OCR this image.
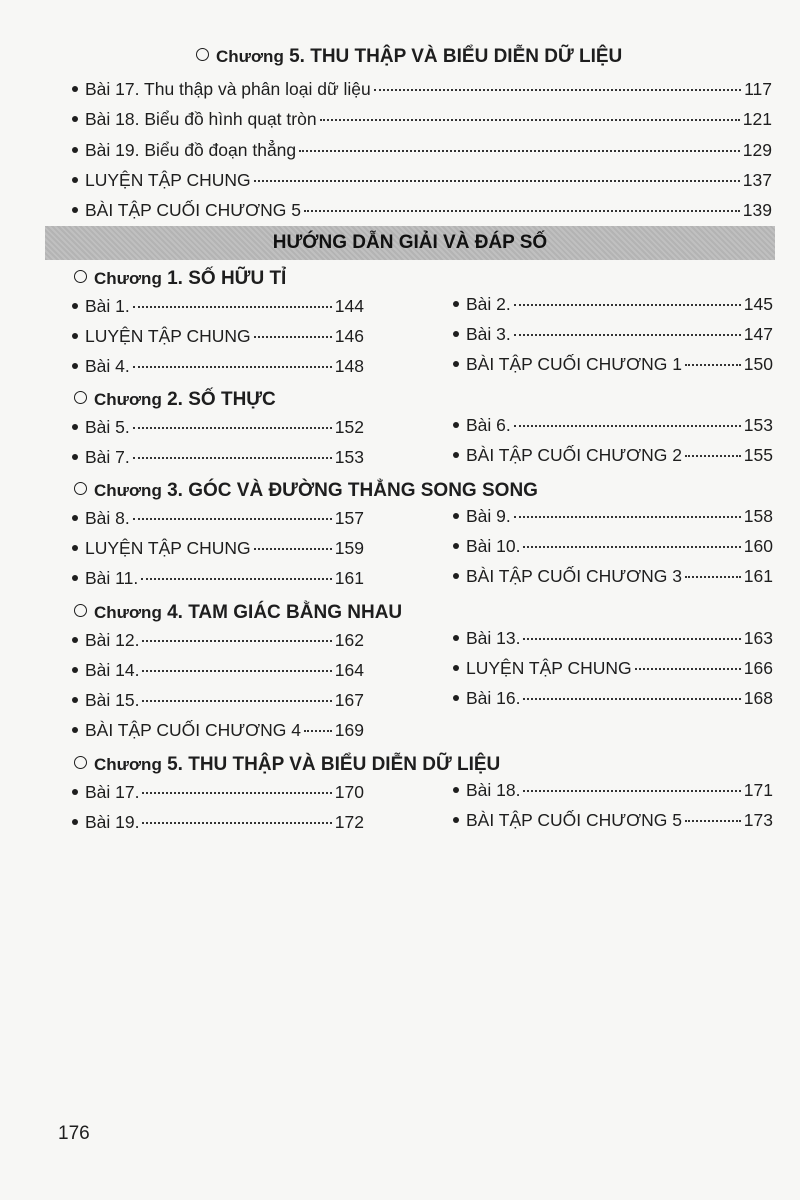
Chương 5. THU THẬP VÀ BIỂU DIỄN DỮ LIỆU
Bài 17. Thu thập và phân loại dữ liệu	117
Bài 18. Biểu đồ hình quạt tròn	121
Bài 19. Biểu đồ đoạn thẳng	129
LUYỆN TẬP CHUNG	137
BÀI TẬP CUỐI CHƯƠNG 5	139
HƯỚNG DẪN GIẢI VÀ ĐÁP SỐ
Chương 1. SỐ HỮU TỈ
Bài 1.	144
LUYỆN TẬP CHUNG	146
Bài 4.	148
Bài 2.	145
Bài 3.	147
BÀI TẬP CUỐI CHƯƠNG 1	150
Chương 2. SỐ THỰC
Bài 5.	152
Bài 7.	153
Bài 6.	153
BÀI TẬP CUỐI CHƯƠNG 2	155
Chương 3. GÓC VÀ ĐƯỜNG THẲNG SONG SONG
Bài 8.	157
LUYỆN TẬP CHUNG	159
Bài 11.	161
Bài 9.	158
Bài 10.	160
BÀI TẬP CUỐI CHƯƠNG 3	161
Chương 4. TAM GIÁC BẰNG NHAU
Bài 12.	162
Bài 14.	164
Bài 15.	167
BÀI TẬP CUỐI CHƯƠNG 4 169
Bài 13.	163
LUYỆN TẬP CHUNG	166
Bài 16.	168
Chương 5. THU THẬP VÀ BIỂU DIỄN DỮ LIỆU
Bài 17.	170
Bài 19.	172
Bài 18.	171
BÀI TẬP CUỐI CHƯƠNG 5	173
176
